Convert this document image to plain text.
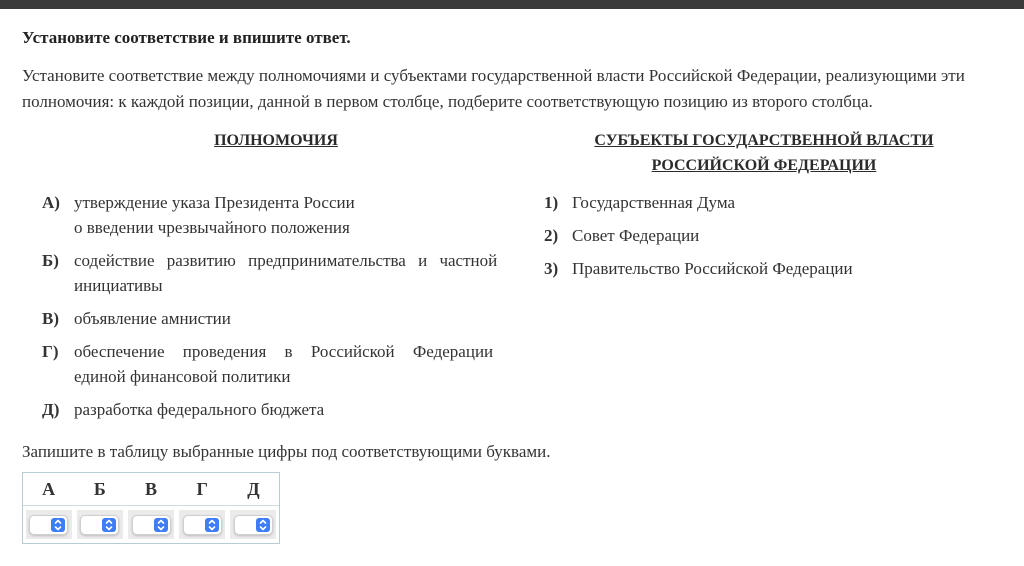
Установите соответствие и впишите ответ.
Установите соответствие между полномочиями и субъектами государственной власти Российской Федерации, реализующими эти полномочия: к каждой позиции, данной в первом столбце, подберите соответствующую позицию из второго столбца.
ПОЛНОМОЧИЯ
А) утверждение указа Президента России
о введении чрезвычайного положения
Б) содействие развитию предпринимательства и частной
инициативы
В) объявление амнистии
Г) обеспечение проведения в Российской Федерации
единой финансовой политики
Д) разработка федерального бюджета
СУБЪЕКТЫ ГОСУДАРСТВЕННОЙ ВЛАСТИ
РОССИЙСКОЙ ФЕДЕРАЦИИ
1) Государственная Дума
2) Совет Федерации
3) Правительство Российской Федерации
Запишите в таблицу выбранные цифры под соответствующими буквами.
А	Б	В	Г	Д
